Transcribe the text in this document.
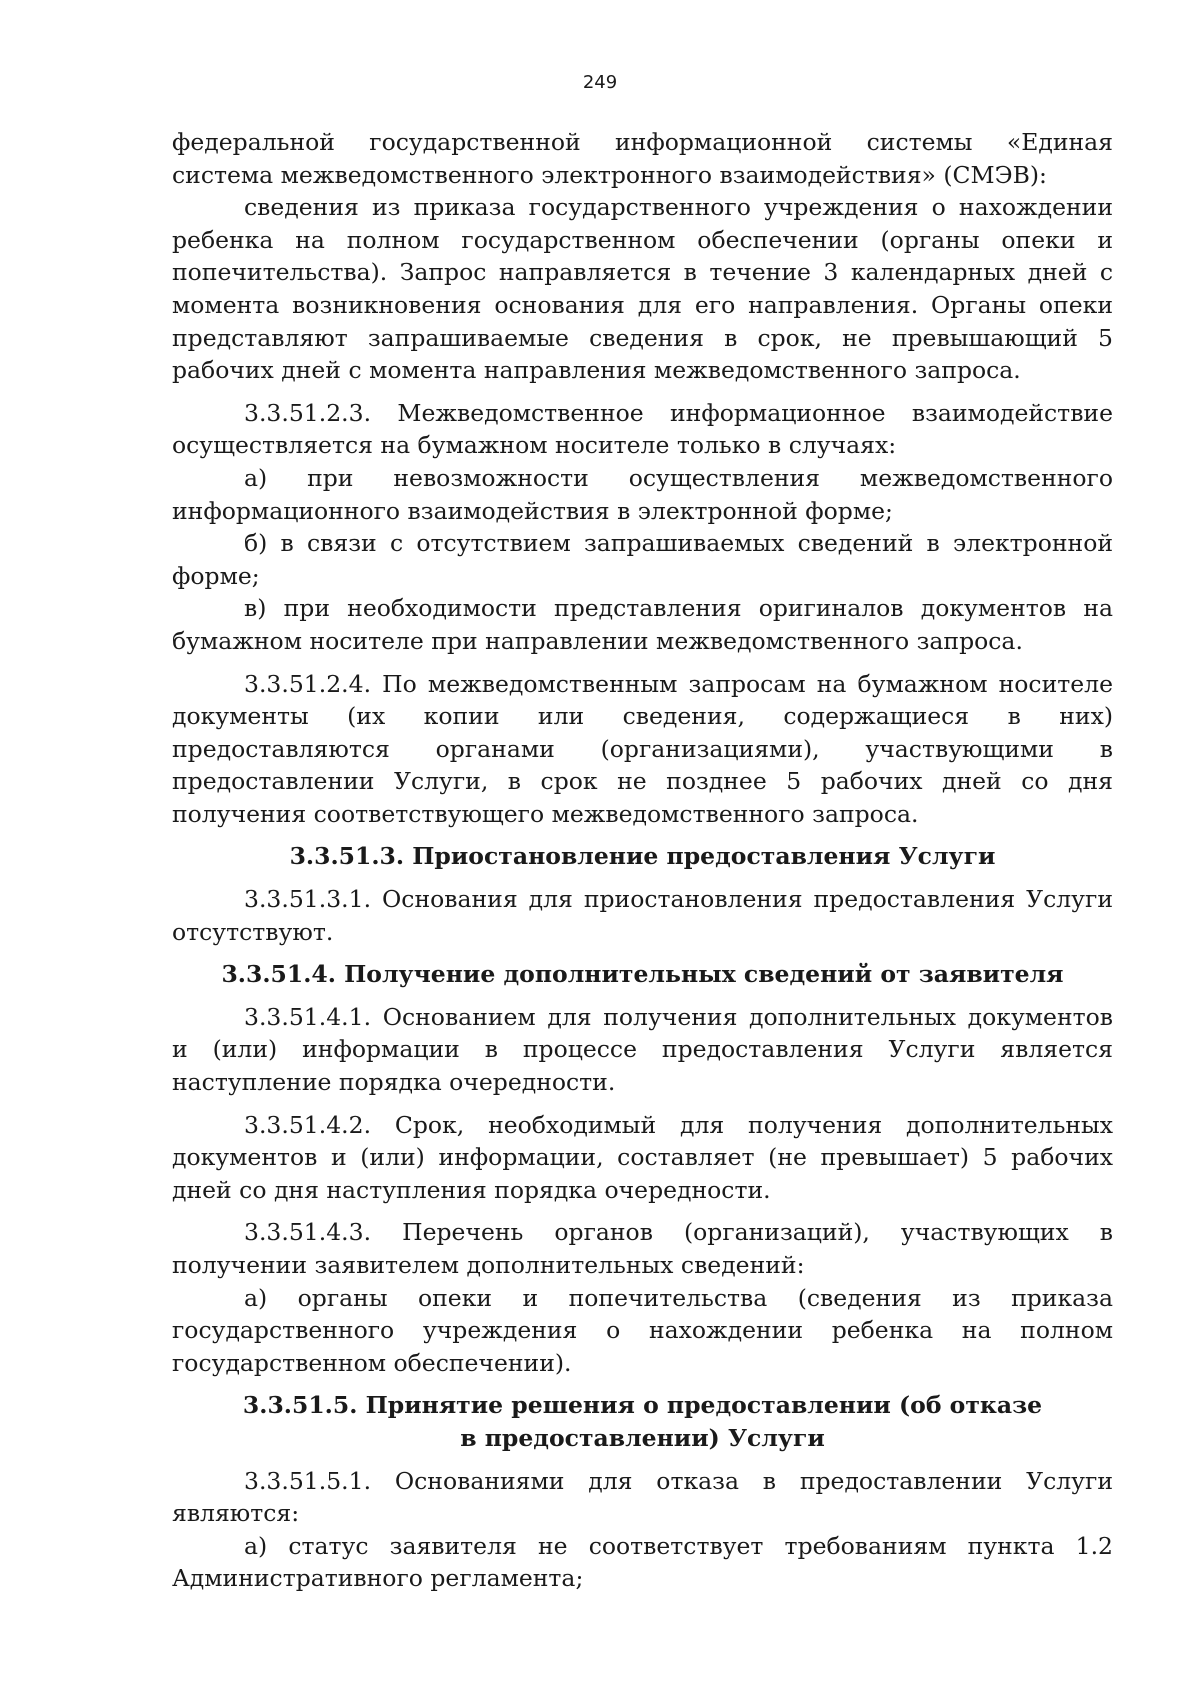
249

федеральной государственной информационной системы «Единая система межведомственного электронного взаимодействия» (СМЭВ):

сведения из приказа государственного учреждения о нахождении ребенка на полном государственном обеспечении (органы опеки и попечительства). Запрос направляется в течение 3 календарных дней с момента возникновения основания для его направления. Органы опеки представляют запрашиваемые сведения в срок, не превышающий 5 рабочих дней с момента направления межведомственного запроса.

3.3.51.2.3. Межведомственное информационное взаимодействие осуществляется на бумажном носителе только в случаях:

а) при невозможности осуществления межведомственного информационного взаимодействия в электронной форме;

б) в связи с отсутствием запрашиваемых сведений в электронной форме;

в) при необходимости представления оригиналов документов на бумажном носителе при направлении межведомственного запроса.

3.3.51.2.4. По межведомственным запросам на бумажном носителе документы (их копии или сведения, содержащиеся в них) предоставляются органами (организациями), участвующими в предоставлении Услуги, в срок не позднее 5 рабочих дней со дня получения соответствующего межведомственного запроса.

3.3.51.3. Приостановление предоставления Услуги

3.3.51.3.1. Основания для приостановления предоставления Услуги отсутствуют.

3.3.51.4. Получение дополнительных сведений от заявителя

3.3.51.4.1. Основанием для получения дополнительных документов и (или) информации в процессе предоставления Услуги является наступление порядка очередности.

3.3.51.4.2. Срок, необходимый для получения дополнительных документов и (или) информации, составляет (не превышает) 5 рабочих дней со дня наступления порядка очередности.

3.3.51.4.3. Перечень органов (организаций), участвующих в получении заявителем дополнительных сведений:

а) органы опеки и попечительства (сведения из приказа государственного учреждения о нахождении ребенка на полном государственном обеспечении).

3.3.51.5. Принятие решения о предоставлении (об отказе в предоставлении) Услуги

3.3.51.5.1. Основаниями для отказа в предоставлении Услуги являются:

а) статус заявителя не соответствует требованиям пункта 1.2 Административного регламента;
